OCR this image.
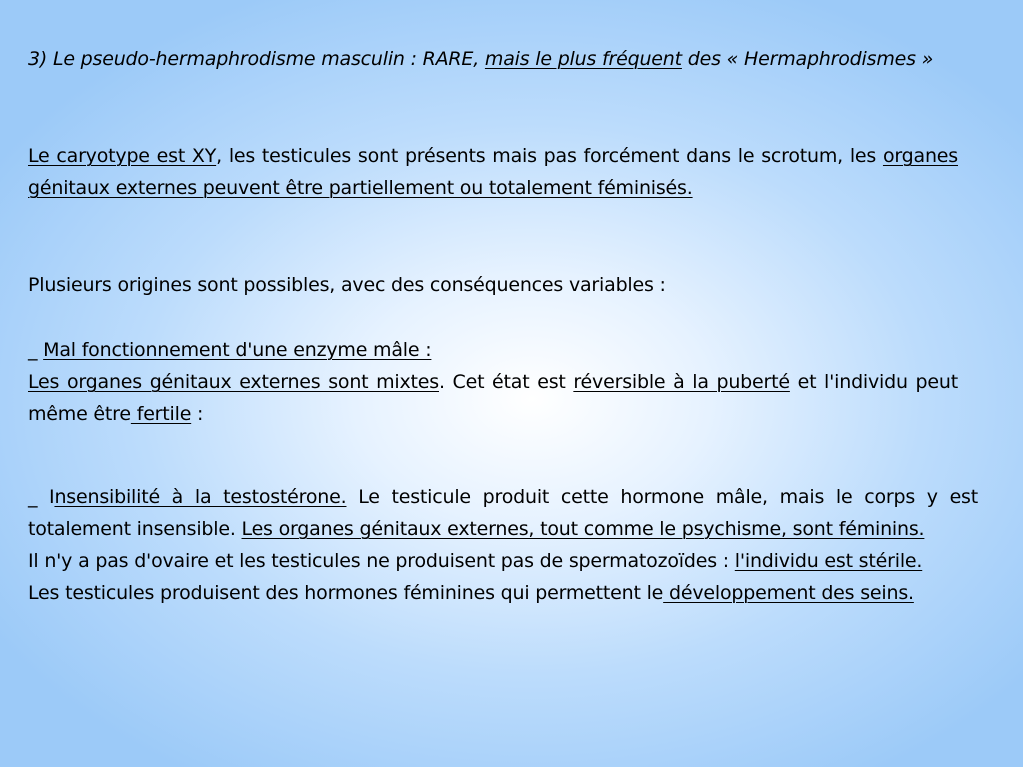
3) Le pseudo-hermaphrodisme masculin : RARE, mais le plus fréquent des « Hermaphrodismes »

Le caryotype est XY, les testicules sont présents mais pas forcément dans le scrotum, les organes génitaux externes peuvent être partiellement ou totalement féminisés.

Plusieurs origines sont possibles, avec des conséquences variables :

_ Mal fonctionnement d'une enzyme mâle :
Les organes génitaux externes sont mixtes. Cet état est réversible à la puberté et l'individu peut même être fertile :

_ Insensibilité à la testostérone. Le testicule produit cette hormone mâle, mais le corps y est totalement insensible. Les organes génitaux externes, tout comme le psychisme, sont féminins.
Il n'y a pas d'ovaire et les testicules ne produisent pas de spermatozoïdes : l'individu est stérile.
Les testicules produisent des hormones féminines qui permettent le développement des seins.
